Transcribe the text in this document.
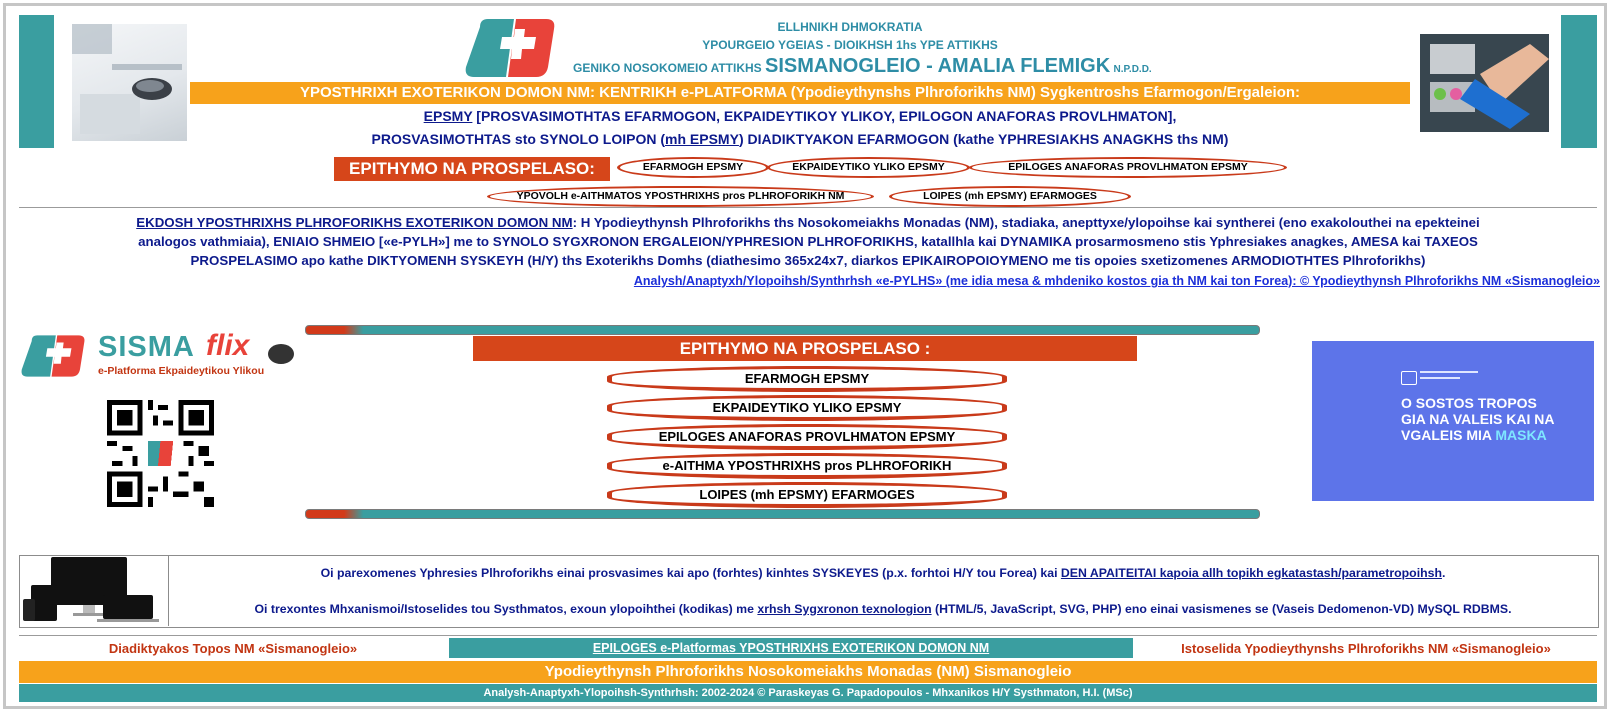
ELLHNIKH DHMOKRATIA
YPOURGEIO YGEIAS - DIOIKHSH 1hs YPE ATTIKHS
GENIKO NOSOKOMEIO ATTIKHS SISMANOGLEIO - AMALIA FLEMIGK N.P.D.D.
YPOSTHRIXH EXOTERIKON DOMON NM: KENTRIKH e-PLATFORMA (Ypodieythynshs Plhroforikhs NM) Sygkentroshs Efarmogon/Ergaleion:
EPSMY [PROSVASIMOTHTAS EFARMOGON, EKPAIDEYTIKOY YLIKOY, EPILOGON ANAFORAS PROVLHMATON],
PROSVASIMOTHTAS sto SYNOLO LOIPON (mh EPSMY) DIADIKTYAKON EFARMOGON (kathe YPHRESIAKHS ANAGKHS ths NM)
EPITHYMO NA PROSPELASO:	EFARMOGH EPSMY	EKPAIDEYTIKO YLIKO EPSMY	EPILOGES ANAFORAS PROVLHMATON EPSMY
YPOVOLH e-AITHMATOS YPOSTHRIXHS pros PLHROFORIKH NM	LOIPES (mh EPSMY) EFARMOGES
EKDOSH YPOSTHRIXHS PLHROFORIKHS EXOTERIKON DOMON NM: H Ypodieythynsh Plhroforikhs ths Nosokomeiakhs Monadas (NM), stadiaka, anepttyxe/ylopoihse kai syntherei (eno exakolouthei na epekteinei
analogos vathmiaia), ENIAIO SHMEIO [«e-PYLH»] me to SYNOLO SYGXRONON ERGALEION/YPHRESION PLHROFORIKHS, katallhla kai DYNAMIKA prosarmosmeno stis Yphresiakes anagkes, AMESA kai TAXEOS
PROSPELASIMO apo kathe DIKTYOMENH SYSKEYH (H/Y) ths Exoterikhs Domhs (diathesimo 365x24x7, diarkos EPIKAIROPOIOYMENO me tis opoies sxetizomenes ARMODIOTHTES Plhroforikhs)
Analysh/Anaptyxh/Ylopoihsh/Synthrhsh «e-PYLHS» (me idia mesa & mhdeniko kostos gia th NM kai ton Forea): © Ypodieythynsh Plhroforikhs NM «Sismanogleio»
SISMA flix
e-Platforma Ekpaideytikou Ylikou
EPITHYMO NA PROSPELASO :
EFARMOGH EPSMY
EKPAIDEYTIKO YLIKO EPSMY
EPILOGES ANAFORAS PROVLHMATON EPSMY
e-AITHMA YPOSTHRIXHS pros PLHROFORIKH
LOIPES (mh EPSMY) EFARMOGES
O SOSTOS TROPOS GIA NA VALEIS KAI NA VGALEIS MIA MASKA
Oi parexomenes Yphresies Plhroforikhs einai prosvasimes kai apo (forhtes) kinhtes SYSKEYES (p.x. forhtoi H/Y tou Forea) kai DEN APAITEITAI kapoia allh topikh egkatastash/parametropoihsh.
Oi trexontes Mhxanismoi/Istoselides tou Systhmatos, exoun ylopoihthei (kodikas) me xrhsh Sygxronon texnologion (HTML/5, JavaScript, SVG, PHP) eno einai vasismenes se (Vaseis Dedomenon-VD) MySQL RDBMS.
Diadiktyakos Topos NM «Sismanogleio»	EPILOGES e-Platformas YPOSTHRIXHS EXOTERIKON DOMON NM	Istoselida Ypodieythynshs Plhroforikhs NM «Sismanogleio»
Ypodieythynsh Plhroforikhs Nosokomeiakhs Monadas (NM) Sismanogleio
Analysh-Anaptyxh-Ylopoihsh-Synthrhsh: 2002-2024 © Paraskeyas G. Papadopoulos - Mhxanikos H/Y Systhmaton, H.I. (MSc)
